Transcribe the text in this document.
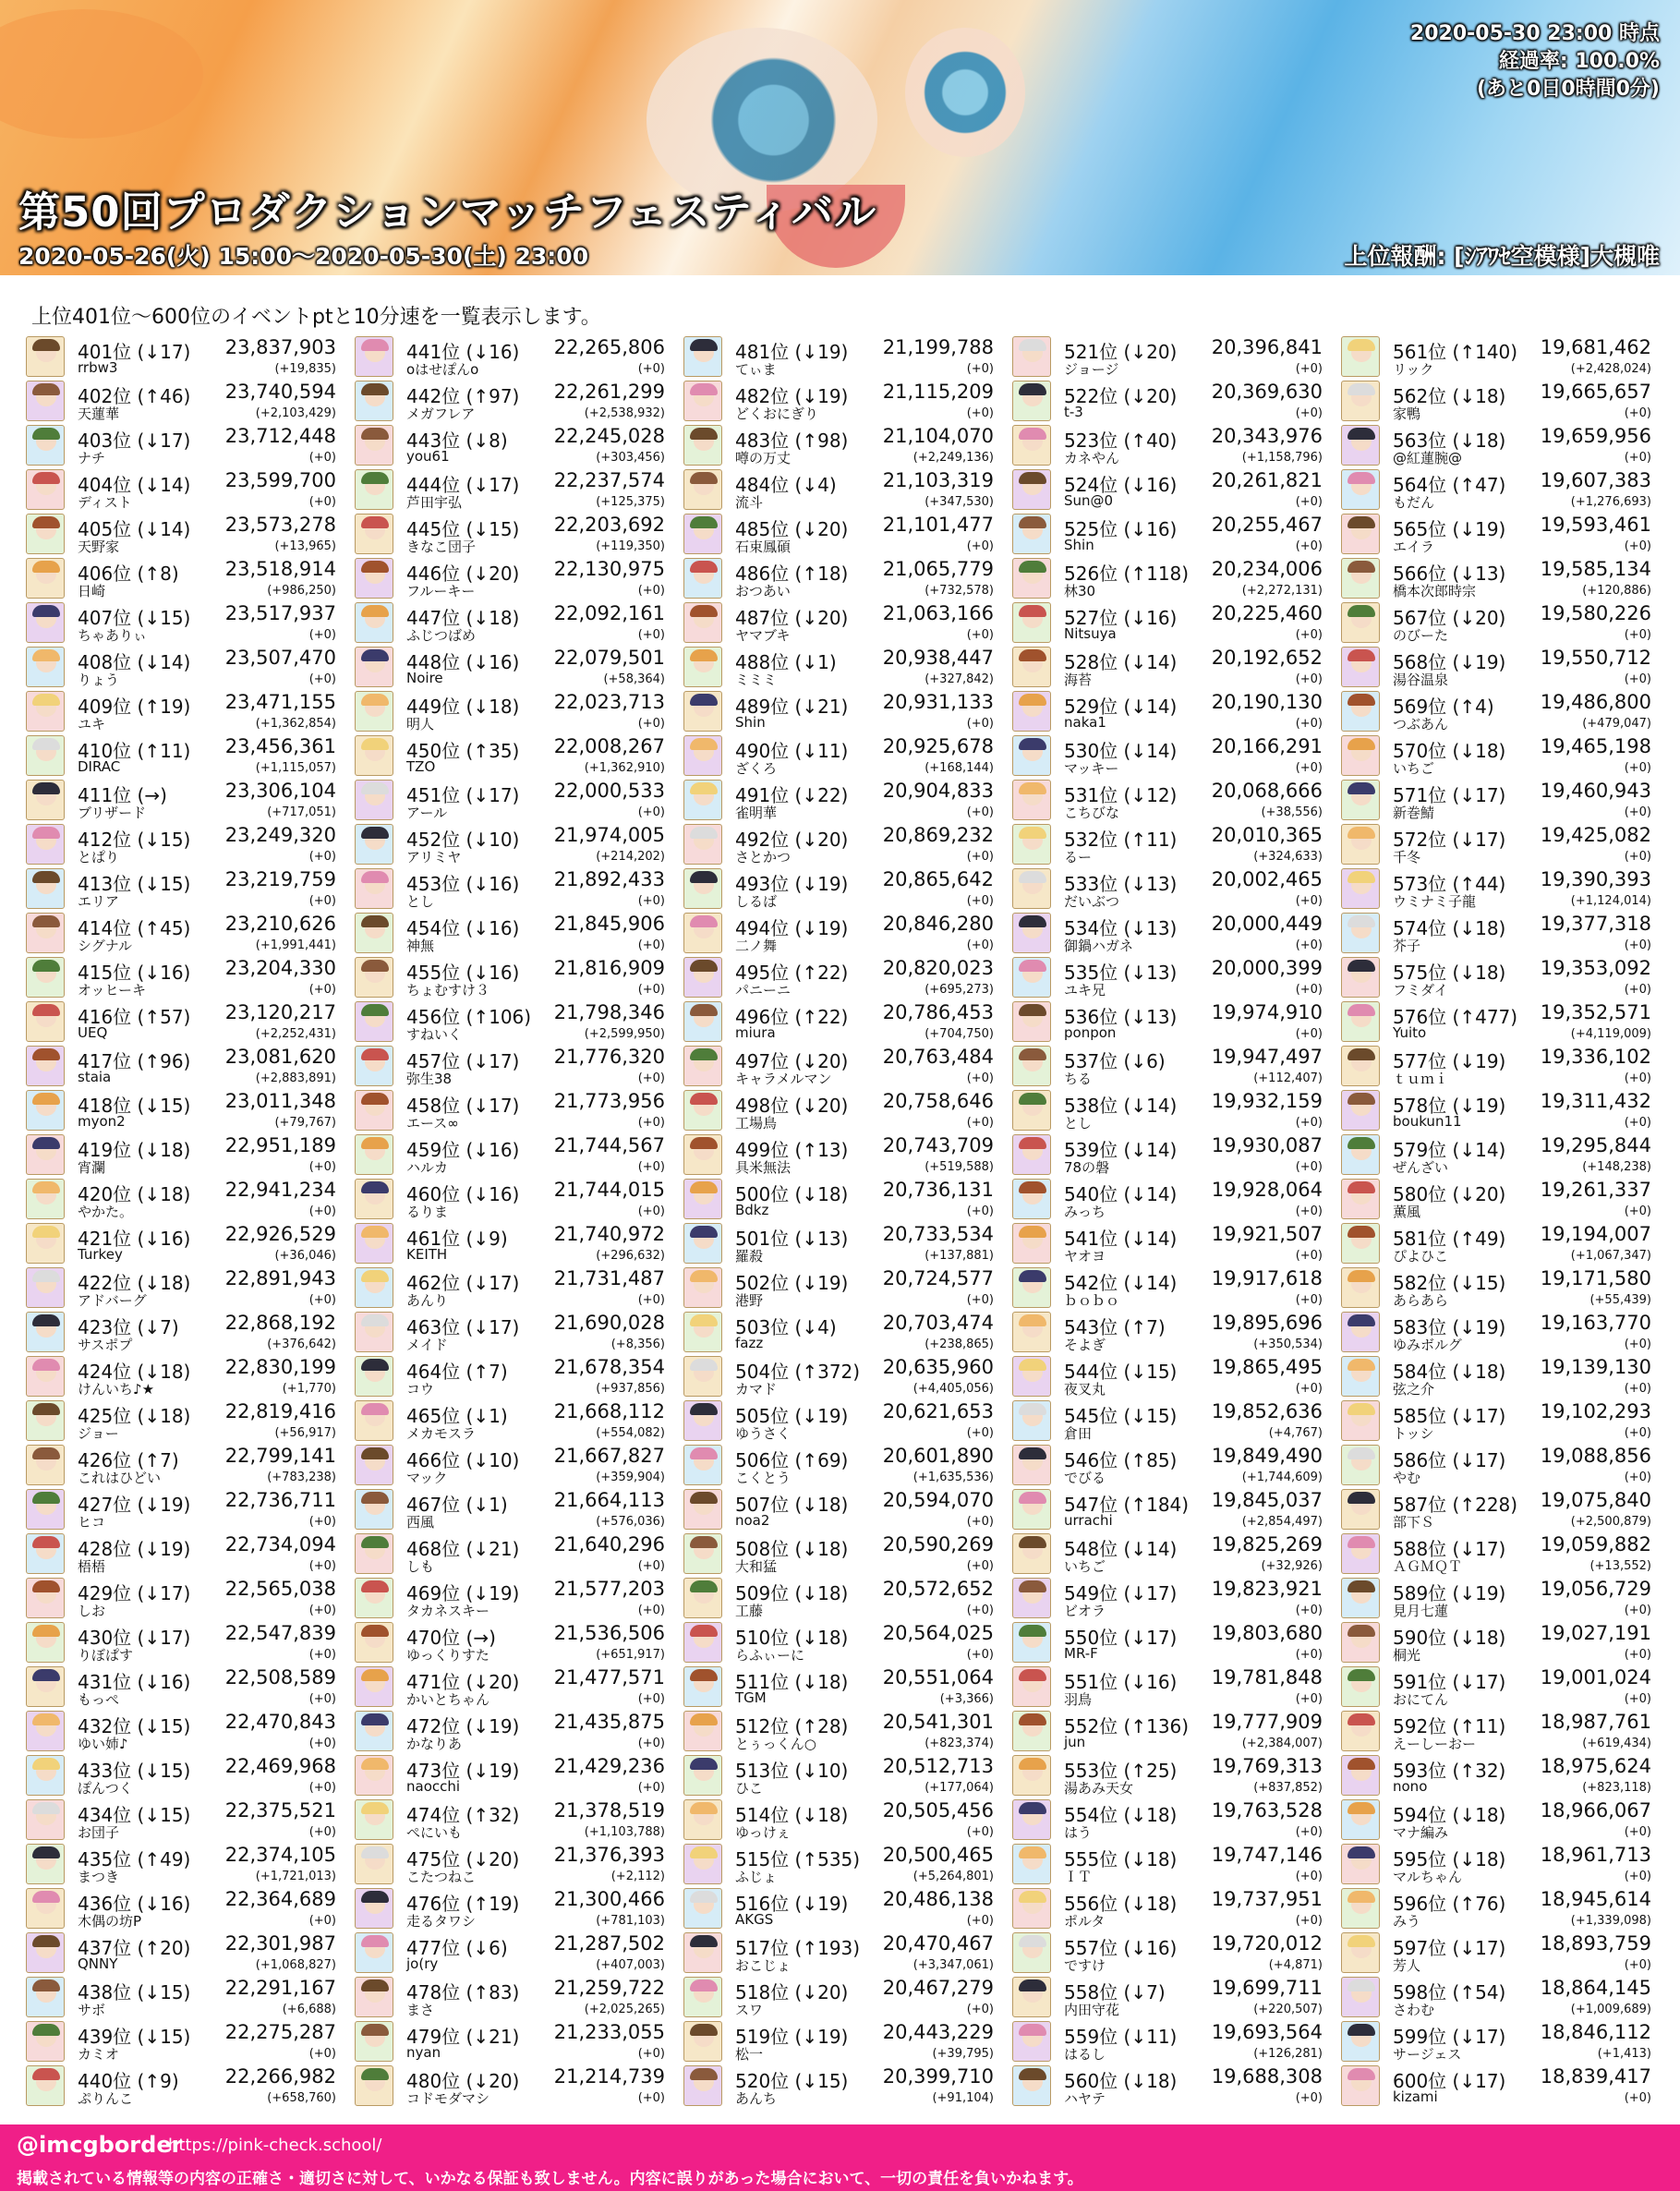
2020-05-30 23:00 時点
経過率: 100.0%
(あと0日0時間0分)
第50回プロダクションマッチフェスティバル
2020-05-26(火) 15:00〜2020-05-30(土) 23:00	上位報酬: [ｼｱﾜｾ空模様]大槻唯
上位401位〜600位のイベントptと10分速を一覧表示します。
401位 (↓17) 23,837,903
rrbw3	(+19,835)
402位 (↑46) 23,740,594
天蓮華	(+2,103,429)
403位 (↓17) 23,712,448
ナチ	(+0)
404位 (↓14) 23,599,700
ディスト	(+0)
405位 (↓14) 23,573,278
天野家	(+13,965)
406位 (↑8) 23,518,914
日崎	(+986,250)
407位 (↓15) 23,517,937
ちゃありぃ	(+0)
408位 (↓14) 23,507,470
りょう	(+0)
409位 (↑19) 23,471,155
ユキ	(+1,362,854)
410位 (↑11) 23,456,361
DIRAC	(+1,115,057)
411位 (→)	23,306,104
ブリザード	(+717,051)
412位 (↓15) 23,249,320
とぱり	(+0)
413位 (↓15) 23,219,759
エリア	(+0)
414位 (↑45) 23,210,626
シグナル	(+1,991,441)
415位 (↓16) 23,204,330
オッヒーキ	(+0)
416位 (↑57) 23,120,217
UEQ	(+2,252,431)
417位 (↑96) 23,081,620
staia	(+2,883,891)
418位 (↓15) 23,011,348
myon2	(+79,767)
419位 (↓18) 22,951,189
宵瀾	(+0)
420位 (↓18) 22,941,234
やかた。	(+0)
421位 (↓16) 22,926,529
Turkey	(+36,046)
422位 (↓18) 22,891,943
アドバーグ	(+0)
423位 (↓7) 22,868,192
サスポプ	(+376,642)
424位 (↓18) 22,830,199
けんいち♪★	(+1,770)
425位 (↓18) 22,819,416
ジョー	(+56,917)
426位 (↑7) 22,799,141
これはひどい	(+783,238)
427位 (↓19) 22,736,711
ヒコ	(+0)
428位 (↓19) 22,734,094
梧梧	(+0)
429位 (↓17) 22,565,038
しお	(+0)
430位 (↓17) 22,547,839
りぼぱす	(+0)
431位 (↓16) 22,508,589
もっぺ	(+0)
432位 (↓15) 22,470,843
ゆい姉♪	(+0)
433位 (↓15) 22,469,968
ぽんつく	(+0)
434位 (↓15) 22,375,521
お団子	(+0)
435位 (↑49) 22,374,105
まつき	(+1,721,013)
436位 (↓16) 22,364,689
木偶の坊P	(+0)
437位 (↑20) 22,301,987
QNNY	(+1,068,827)
438位 (↓15) 22,291,167
サボ	(+6,688)
439位 (↓15) 22,275,287
カミオ	(+0)
440位 (↑9) 22,266,982
ぷりんこ	(+658,760)
441位 (↓16) 22,265,806
oはせぽんo	(+0)
442位 (↑97) 22,261,299
メガフレア	(+2,538,932)
443位 (↓8) 22,245,028
you61	(+303,456)
444位 (↓17) 22,237,574
芦田宇弘	(+125,375)
445位 (↓15) 22,203,692
きなこ団子	(+119,350)
446位 (↓20) 22,130,975
フルーキー	(+0)
447位 (↓18) 22,092,161
ふじつばめ	(+0)
448位 (↓16) 22,079,501
Noire	(+58,364)
449位 (↓18) 22,023,713
明人	(+0)
450位 (↑35) 22,008,267
TZO	(+1,362,910)
451位 (↓17) 22,000,533
アール	(+0)
452位 (↓10) 21,974,005
アリミヤ	(+214,202)
453位 (↓16) 21,892,433
とし	(+0)
454位 (↓16) 21,845,906
神無	(+0)
455位 (↓16) 21,816,909
ちょむすけ３	(+0)
456位 (↑106) 21,798,346
すねいく	(+2,599,950)
457位 (↓17) 21,776,320
弥生38	(+0)
458位 (↓17) 21,773,956
エース∞	(+0)
459位 (↓16) 21,744,567
ハルカ	(+0)
460位 (↓16) 21,744,015
るりま	(+0)
461位 (↓9) 21,740,972
KEITH	(+296,632)
462位 (↓17) 21,731,487
あんり	(+0)
463位 (↓17) 21,690,028
メイド	(+8,356)
464位 (↑7) 21,678,354
コウ	(+937,856)
465位 (↓1) 21,668,112
メカモスラ	(+554,082)
466位 (↓10) 21,667,827
マック	(+359,904)
467位 (↓1) 21,664,113
西風	(+576,036)
468位 (↓21) 21,640,296
しも	(+0)
469位 (↓19) 21,577,203
タカネスキー	(+0)
470位 (→)	21,536,506
ゆっくりすた	(+651,917)
471位 (↓20) 21,477,571
かいとちゃん	(+0)
472位 (↓19) 21,435,875
かなりあ	(+0)
473位 (↓19) 21,429,236
naocchi	(+0)
474位 (↑32) 21,378,519
ぺにいも	(+1,103,788)
475位 (↓20) 21,376,393
こたつねこ	(+2,112)
476位 (↑19) 21,300,466
走るタワシ	(+781,103)
477位 (↓6) 21,287,502
jo(ry	(+407,003)
478位 (↑83) 21,259,722
まさ	(+2,025,265)
479位 (↓21) 21,233,055
nyan	(+0)
480位 (↓20) 21,214,739
コドモダマシ	(+0)
481位 (↓19) 21,199,788
てぃま	(+0)
482位 (↓19) 21,115,209
どくおにぎり	(+0)
483位 (↑98) 21,104,070
噂の万丈	(+2,249,136)
484位 (↓4) 21,103,319
流斗	(+347,530)
485位 (↓20) 21,101,477
石束鳳碩	(+0)
486位 (↑18) 21,065,779
おつあい	(+732,578)
487位 (↓20) 21,063,166
ヤマブキ	(+0)
488位 (↓1) 20,938,447
ミミミ	(+327,842)
489位 (↓21) 20,931,133
Shin	(+0)
490位 (↓11) 20,925,678
ざくろ	(+168,144)
491位 (↓22) 20,904,833
雀明華	(+0)
492位 (↓20) 20,869,232
さとかつ	(+0)
493位 (↓19) 20,865,642
しるば	(+0)
494位 (↓19) 20,846,280
二ノ舞	(+0)
495位 (↑22) 20,820,023
パニーニ	(+695,273)
496位 (↑22) 20,786,453
miura	(+704,750)
497位 (↓20) 20,763,484
キャラメルマン	(+0)
498位 (↓20) 20,758,646
工場鳥	(+0)
499位 (↑13) 20,743,709
具米無法	(+519,588)
500位 (↓18) 20,736,131
Bdkz	(+0)
501位 (↓13) 20,733,534
羅殺	(+137,881)
502位 (↓19) 20,724,577
港野	(+0)
503位 (↓4) 20,703,474
fazz	(+238,865)
504位 (↑372) 20,635,960
カマド	(+4,405,056)
505位 (↓19) 20,621,653
ゆうさく	(+0)
506位 (↑69) 20,601,890
こくとう	(+1,635,536)
507位 (↓18) 20,594,070
noa2	(+0)
508位 (↓18) 20,590,269
大和猛	(+0)
509位 (↓18) 20,572,652
工藤	(+0)
510位 (↓18) 20,564,025
らふぃーに	(+0)
511位 (↓18) 20,551,064
TGM	(+3,366)
512位 (↑28) 20,541,301
とぅっくん○	(+823,374)
513位 (↓10) 20,512,713
ひこ	(+177,064)
514位 (↓18) 20,505,456
ゆっけぇ	(+0)
515位 (↑535) 20,500,465
ふじょ	(+5,264,801)
516位 (↓19) 20,486,138
AKGS	(+0)
517位 (↑193) 20,470,467
おこじょ	(+3,347,061)
518位 (↓20) 20,467,279
スワ	(+0)
519位 (↓19) 20,443,229
松一	(+39,795)
520位 (↓15) 20,399,710
あんち	(+91,104)
521位 (↓20) 20,396,841
ジョージ	(+0)
522位 (↓20) 20,369,630
t-3	(+0)
523位 (↑40) 20,343,976
カネやん	(+1,158,796)
524位 (↓16) 20,261,821
Sun@0	(+0)
525位 (↓16) 20,255,467
Shin	(+0)
526位 (↑118) 20,234,006
林30	(+2,272,131)
527位 (↓16) 20,225,460
Nitsuya	(+0)
528位 (↓14) 20,192,652
海苔	(+0)
529位 (↓14) 20,190,130
naka1	(+0)
530位 (↓14) 20,166,291
マッキー	(+0)
531位 (↓12) 20,068,666
こちびな	(+38,556)
532位 (↑11) 20,010,365
るー	(+324,633)
533位 (↓13) 20,002,465
だいぶつ	(+0)
534位 (↓13) 20,000,449
御鍋ハガネ	(+0)
535位 (↓13) 20,000,399
ユキ兄	(+0)
536位 (↓13) 19,974,910
ponpon	(+0)
537位 (↓6) 19,947,497
ちる	(+112,407)
538位 (↓14) 19,932,159
とし	(+0)
539位 (↓14) 19,930,087
78の磐	(+0)
540位 (↓14) 19,928,064
みっち	(+0)
541位 (↓14) 19,921,507
ヤオヨ	(+0)
542位 (↓14) 19,917,618
ｂｏｂｏ	(+0)
543位 (↑7) 19,895,696
そよぎ	(+350,534)
544位 (↓15) 19,865,495
夜叉丸	(+0)
545位 (↓15) 19,852,636
倉田	(+4,767)
546位 (↑85) 19,849,490
でびる	(+1,744,609)
547位 (↑184) 19,845,037
urrachi	(+2,854,497)
548位 (↓14) 19,825,269
いちご	(+32,926)
549位 (↓17) 19,823,921
ビオラ	(+0)
550位 (↓17) 19,803,680
MR-F	(+0)
551位 (↓16) 19,781,848
羽鳥	(+0)
552位 (↑136) 19,777,909
jun	(+2,384,007)
553位 (↑25) 19,769,313
湯あみ天女	(+837,852)
554位 (↓18) 19,763,528
はう	(+0)
555位 (↓18) 19,747,146
ＩＴ	(+0)
556位 (↓18) 19,737,951
ポルタ	(+0)
557位 (↓16) 19,720,012
ですけ	(+4,871)
558位 (↓7) 19,699,711
内田守花	(+220,507)
559位 (↓11) 19,693,564
はるし	(+126,281)
560位 (↓18) 19,688,308
ハヤテ	(+0)
561位 (↑140) 19,681,462
リック	(+2,428,024)
562位 (↓18) 19,665,657
家鴨	(+0)
563位 (↓18) 19,659,956
@紅蓮腕@	(+0)
564位 (↑47) 19,607,383
もだん	(+1,276,693)
565位 (↓19) 19,593,461
エイラ	(+0)
566位 (↓13) 19,585,134
橋本次郎時宗	(+120,886)
567位 (↓20) 19,580,226
のびーた	(+0)
568位 (↓19) 19,550,712
湯谷温泉	(+0)
569位 (↑4) 19,486,800
つぶあん	(+479,047)
570位 (↓18) 19,465,198
いちご	(+0)
571位 (↓17) 19,460,943
新巻鯖	(+0)
572位 (↓17) 19,425,082
千冬	(+0)
573位 (↑44) 19,390,393
ウミナミ子龍	(+1,124,014)
574位 (↓18) 19,377,318
芥子	(+0)
575位 (↓18) 19,353,092
フミダイ	(+0)
576位 (↑477) 19,352,571
Yuito	(+4,119,009)
577位 (↓19) 19,336,102
ｔｕｍｉ	(+0)
578位 (↓19) 19,311,432
boukun11	(+0)
579位 (↓14) 19,295,844
ぜんざい	(+148,238)
580位 (↓20) 19,261,337
薫風	(+0)
581位 (↑49) 19,194,007
ぴよひこ	(+1,067,347)
582位 (↓15) 19,171,580
あらあら	(+55,439)
583位 (↓19) 19,163,770
ゆみボルグ	(+0)
584位 (↓18) 19,139,130
弦之介	(+0)
585位 (↓17) 19,102,293
トッシ	(+0)
586位 (↓17) 19,088,856
やむ	(+0)
587位 (↑228) 19,075,840
部下Ｓ	(+2,500,879)
588位 (↓17) 19,059,882
ＡＧＭＱＴ	(+13,552)
589位 (↓19) 19,056,729
見月七蓮	(+0)
590位 (↓18) 19,027,191
桐光	(+0)
591位 (↓17) 19,001,024
おにてん	(+0)
592位 (↑11) 18,987,761
えーしーおー	(+619,434)
593位 (↑32) 18,975,624
nono	(+823,118)
594位 (↓18) 18,966,067
マナ編み	(+0)
595位 (↓18) 18,961,713
マルちゃん	(+0)
596位 (↑76) 18,945,614
みう	(+1,339,098)
597位 (↓17) 18,893,759
芳人	(+0)
598位 (↑54) 18,864,145
さわむ	(+1,009,689)
599位 (↓17) 18,846,112
サージェス	(+1,413)
600位 (↓17) 18,839,417
kizami	(+0)
@imcgborder
https://pink-check.school/
掲載されている情報等の内容の正確さ・適切さに対して、いかなる保証も致しません。内容に誤りがあった場合において、一切の責任を負いかねます。
